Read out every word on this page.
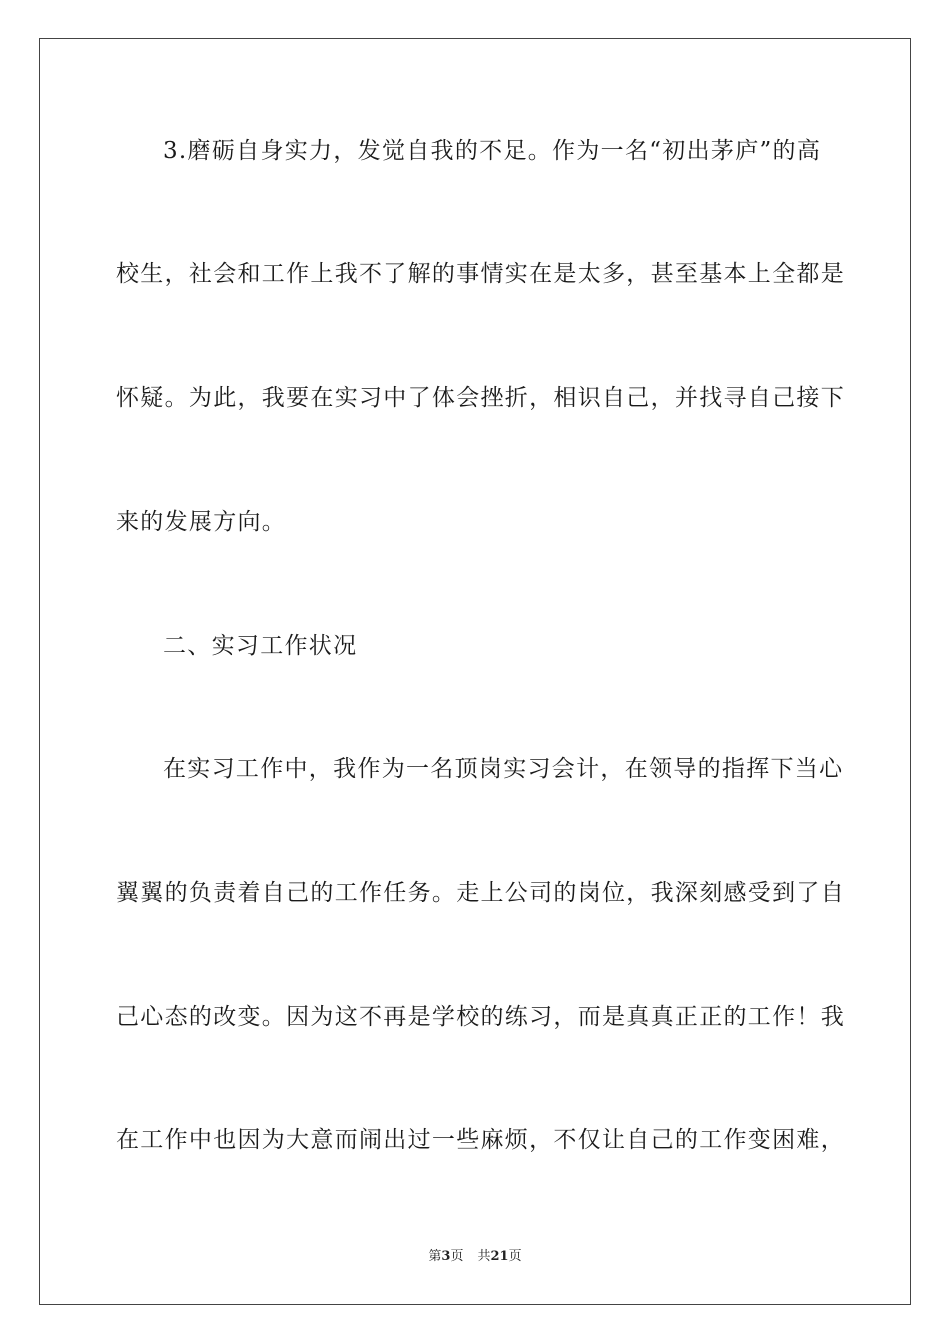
3.磨砺自身实力，发觉自我的不足。作为一名“初出茅庐”的高
校生，社会和工作上我不了解的事情实在是太多，甚至基本上全都是
怀疑。为此，我要在实习中了体会挫折，相识自己，并找寻自己接下
来的发展方向。
二、实习工作状况
在实习工作中，我作为一名顶岗实习会计，在领导的指挥下当心
翼翼的负责着自己的工作任务。走上公司的岗位，我深刻感受到了自
己心态的改变。因为这不再是学校的练习，而是真真正正的工作！我
在工作中也因为大意而闹出过一些麻烦，不仅让自己的工作变困难，
第3页 共21页
